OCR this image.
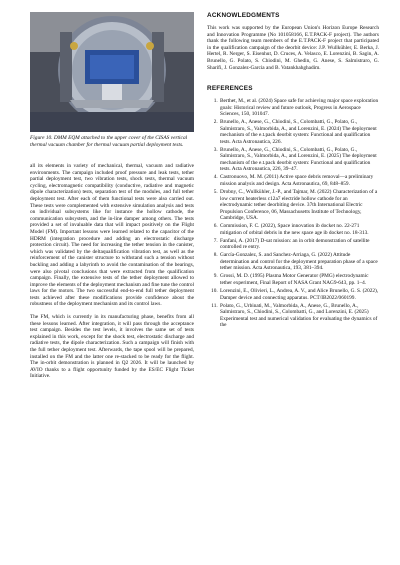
Figure 10. DMM EQM attached to the upper cover of the CISAS vertical thermal vacuum chamber for thermal vacuum partial deployment tests.

all its elements in variety of mechanical, thermal, vacuum and radiative environments. The campaign included proof pressure and leak tests, tether partial deployment test, two vibration tests, shock tests, thermal vacuum cycling, electromagnetic compatibility (conductive, radiative and magnetic dipole characterization) tests, separation test of the modules, and full tether deployment test. After each of them functional tests were also carried out. These tests were complemented with extensive simulation analysis and tests on individual subsystems like for instance the hollow cathode, the communication subsystem, and the in-line damper among others. The tests provided a set of invaluable data that will impact positively on the Flight Model (FM). Important lessons were learned related to the capacitor of the HDRM (integration procedure and adding an electrostatic discharge protection circuit). The need for increasing the tether tension in the canister, which was validated by the deltaqualification vibration test, as well as the reinforcement of the canister structure to withstand such a tension without buckling and adding a labyrinth to avoid the contamination of the bearings, were also pivotal conclusions that were extracted from the qualification campaign. Finally, the extensive tests of the tether deployment allowed to improve the elements of the deployment mechanism and fine tune the control laws for the motors. The two successful end-to-end full tether deployment tests achieved after these modifications provide confidence about the robustness of the deployment mechanism and its control laws.

The FM, which is currently in its manufacturing phase, benefits from all these lessons learned. After integration, it will pass through the acceptance test campaign. Besides the test levels, it involves the same set of tests explained in this work, except for the shock test, electrostatic discharge and radiative tests, the dipole characterization. Such a campaign will finish with the full tether deployment test. Afterwards, the tape spool will be prepared, installed on the FM and the latter one re-stacked to be ready for the flight. The in-orbit demonstration is planned in Q2 2026. It will be launched by AVIO thanks to a flight opportunity funded by the ES/EC Flight Ticket Initiative.

ACKNOWLEDGMENTS

This work was supported by the European Union's Horizon Europe Research and Innovation Programme (No 101058166, E.T.PACK-F project). The authors thank the following team members of the E.T.PACK-F project that participated in the qualification campaign of the deorbit device: J.P. Wullkühler, E. Berka, J. Hertel, R. Nerger, S. Eisenhut, D. Cruces, A. Velasco, E. Lorenzini, B. Sagin, A. Brunello, G. Polato, S. Chiodini, M. Ghedin, G. Anese, S. Salmistraro, G. Sharifi, J. Gonzalez-Garcia and B. Vatankhahghadim.

REFERENCES
1. Berthet, M., et al. (2024) Space safe for achieving major space exploration goals: Historical review and future outlook, Progress in Aerospace Sciences, 150, 101047.
2. Brunello, A., Anese, G., Chiodini, S., Colombatti, G., Polato, G., Salmistraro, S., Valmorbida, A., and Lorenzini, E. (2024) The deployment mechanism of the e.t.pack deorbit system: Functional and qualification tests. Acta Astronautica, 226.
3. Brunello, A., Anese, G., Chiodini, S., Colombatti, G., Polato, G., Salmistraro, S., Valmorbida, A., and Lorenzini, E. (2025) The deployment mechanism of the e.t.pack deorbit system: Functional and qualification tests. Acta Astronautica, 226, 39–47.
4. Castronuovo, M. M. (2011) Active space debris removal—a preliminary mission analysis and design. Acta Astronautica, 69, 848–859.
5. Drobny, C., Wullkühler, J.-P., and Tajmar, M. (2022) Characterization of a low current heaterless c12a7 electride hollow cathode for an electrodynamic tether deorbiting device. 37th International Electric Propulsion Conference, 06, Massachusetts Institute of Technology, Cambridge, USA.
6. Commission, F. C. (2022), Space innovation ib docket no. 22-271 mitigation of orbital debris in the new space age ib docket no. 18-313.
7. Fanfani, A. (2017) D-sat mission: an in orbit demonstration of satellite controlled re entry.
8. García-Gonzalez, S. and Sanchez-Arriaga, G. (2022) Attitude determination and control for the deployment preparation phase of a space tether mission. Acta Astronautica, 193, 381–394.
9. Grossi, M. D. (1995) Plasma Motor Generator (PMG) electrodynamic tether experiment, Final Report of NASA Grant NAG9-643, pp. 1–4.
10. Lorenzini, E., Olivieri, L., Andrea, A. V., and Alice Brunello, G. S. (2022), Damper device and connecting apparatus. PCT/IB2022/060199.
11. Polato, G., Urbinati, M., Valmorbida, A., Anese, G., Brunello, A., Salmistraro, S., Chiodini, S., Colombatti, G., and Lorenzini, E. (2025) Experimental test and numerical validation for evaluating the dynamics of the
